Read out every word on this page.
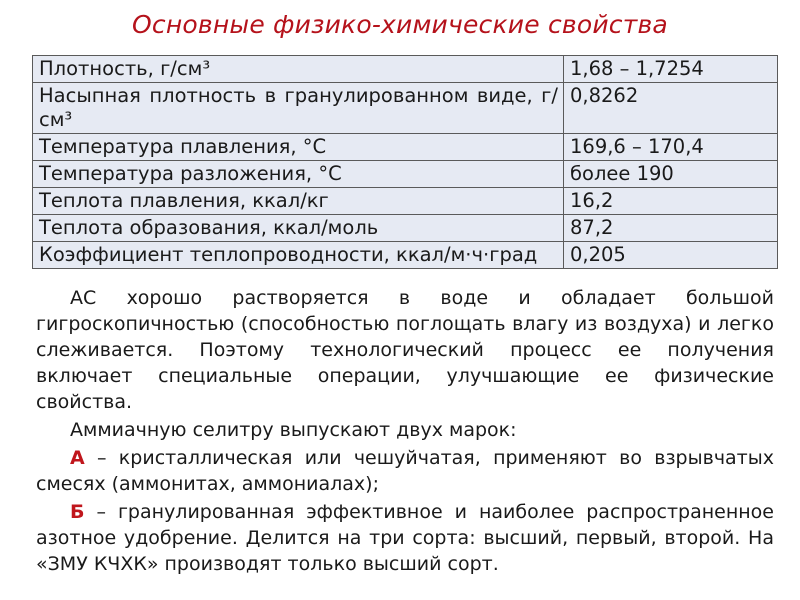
Основные физико-химические свойства
Плотность, г/см³	1,68 – 1,7254
Насыпная плотность в гранулированном виде, г/см³	0,8262
Температура плавления, °С	169,6 – 170,4
Температура разложения, °С	более 190
Теплота плавления, ккал/кг	16,2
Теплота образования, ккал/моль	87,2
Коэффициент теплопроводности, ккал/м·ч·град	0,205

АС хорошо растворяется в воде и обладает большой гигроскопичностью (способностью поглощать влагу из воздуха) и легко слеживается. Поэтому технологический процесс ее получения включает специальные операции, улучшающие ее физические свойства.

Аммиачную селитру выпускают двух марок:

А – кристаллическая или чешуйчатая, применяют во взрывчатых смесях (аммонитах, аммониалах);

Б – гранулированная эффективное и наиболее распространенное азотное удобрение. Делится на три сорта: высший, первый, второй. На «ЗМУ КЧХК» производят только высший сорт.
